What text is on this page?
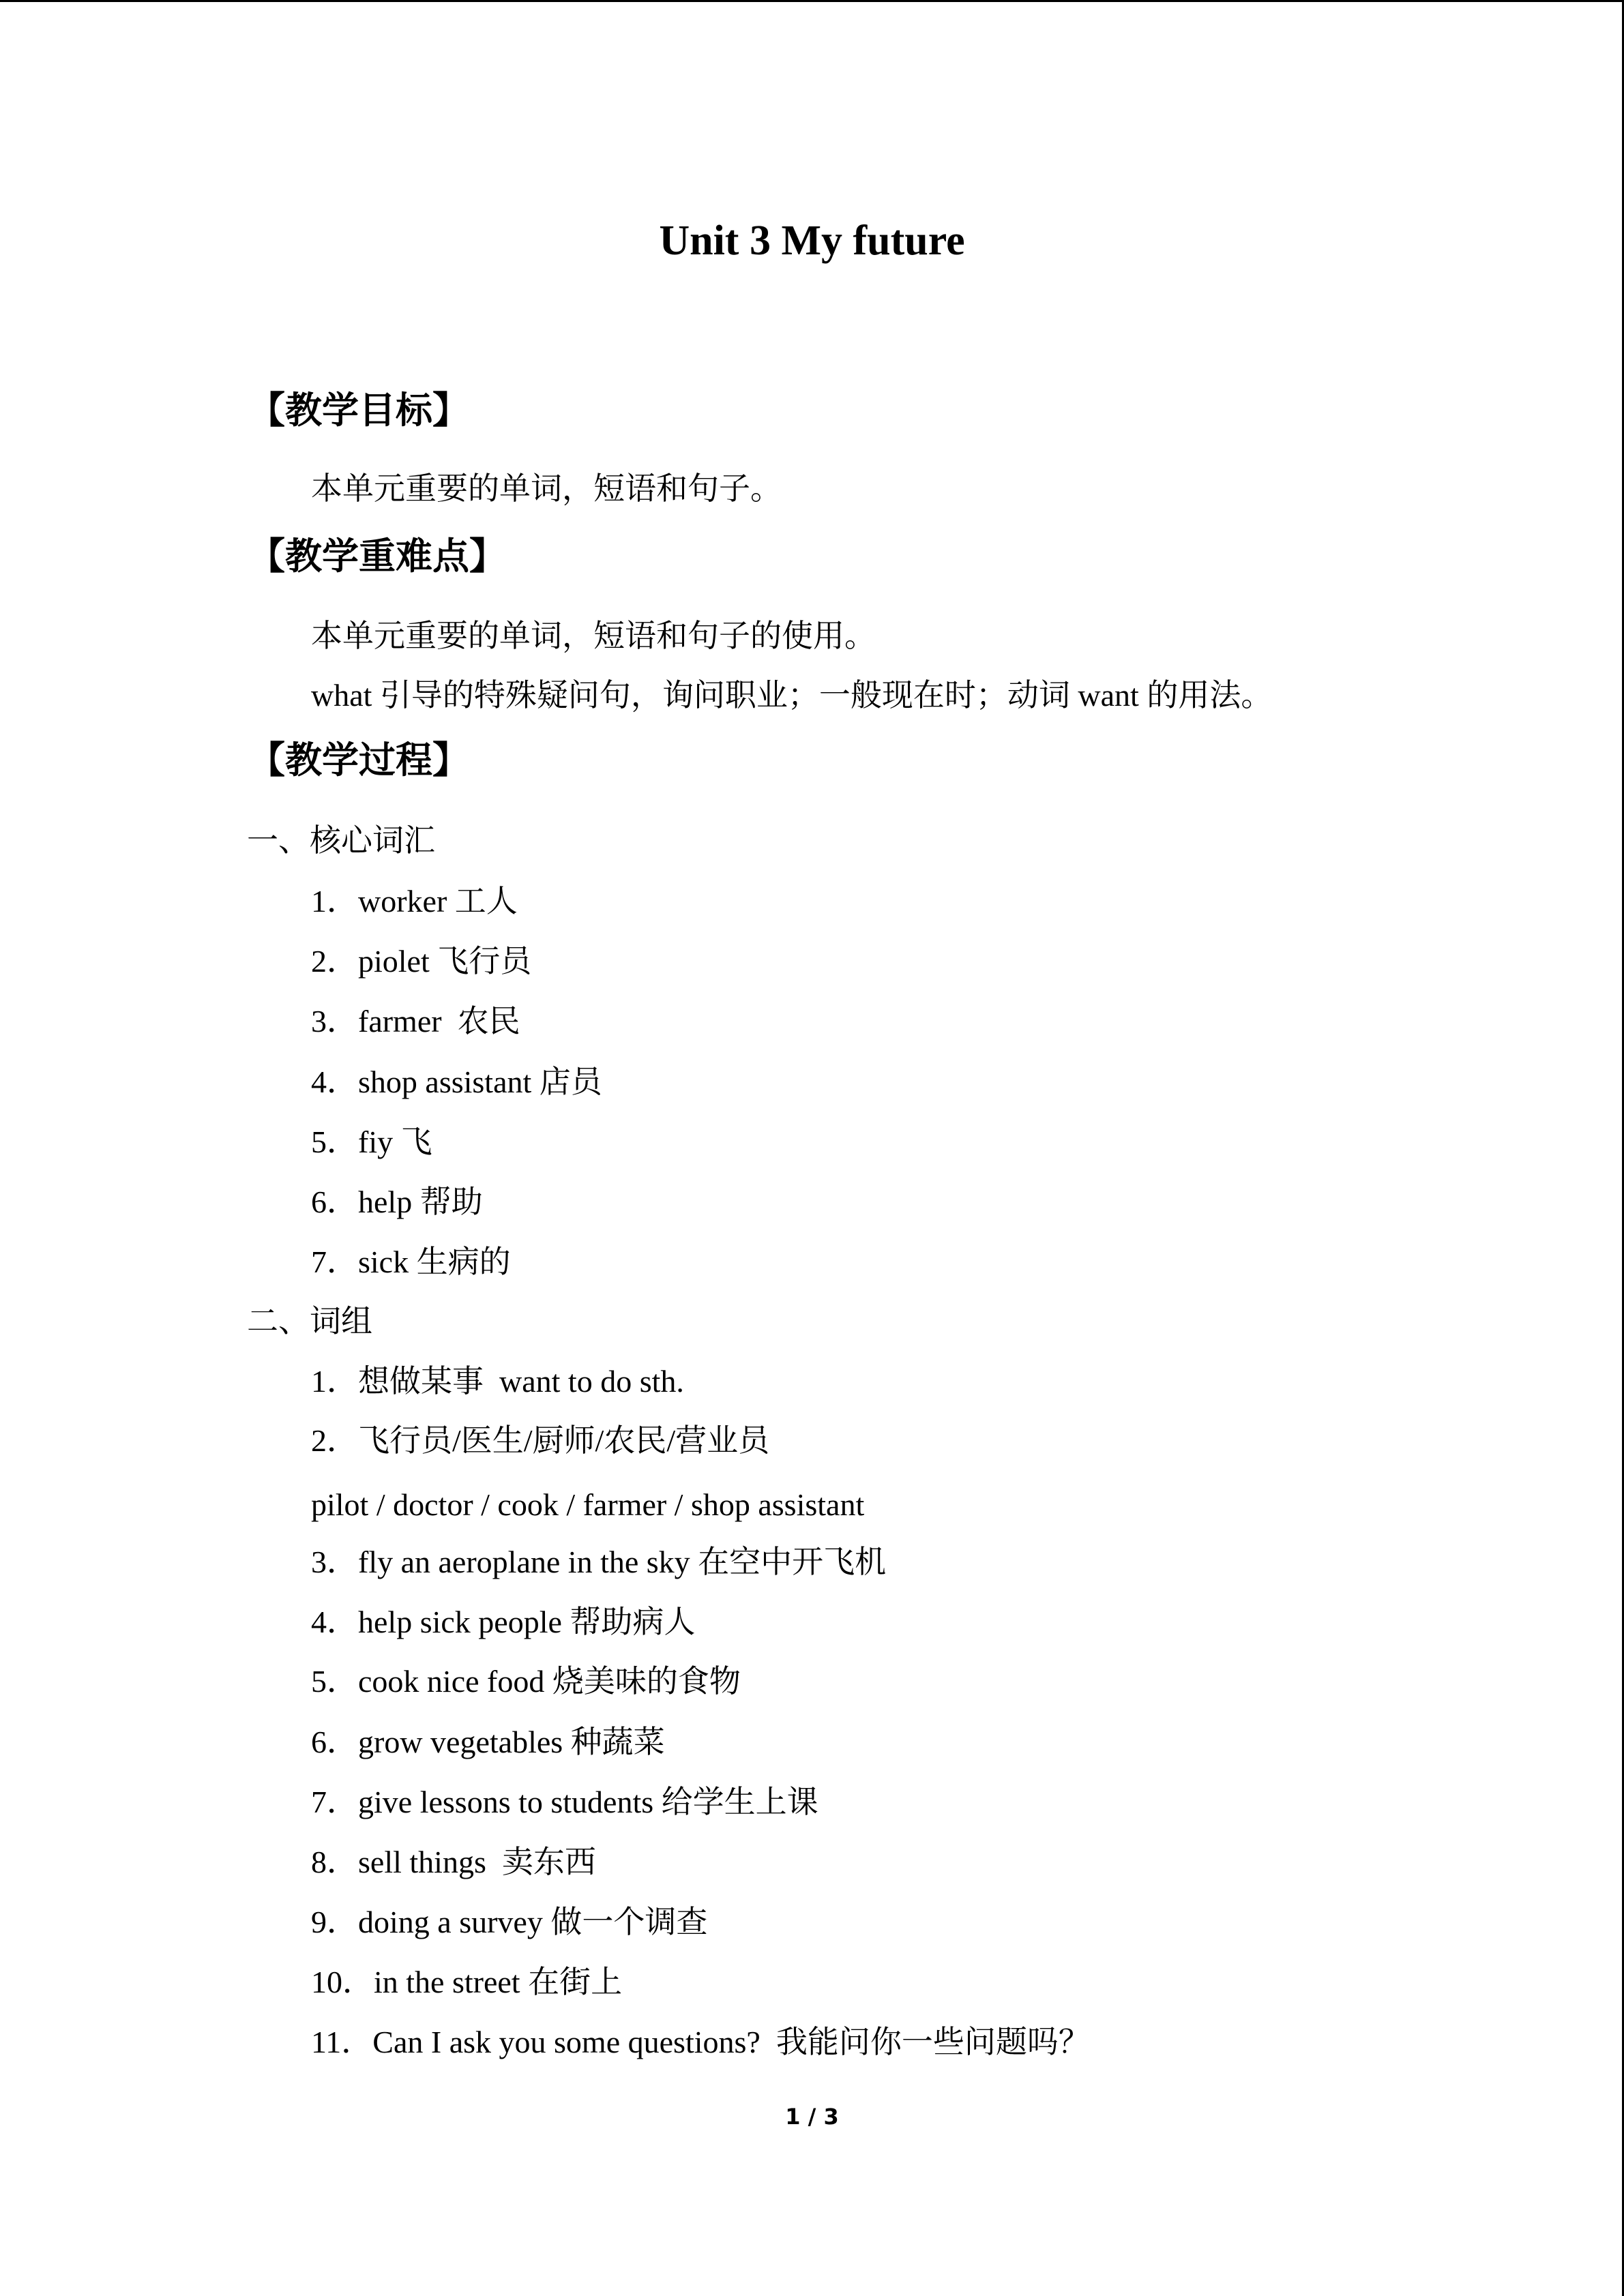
Unit 3 My future
【教学目标】
本单元重要的单词，短语和句子。
【教学重难点】
本单元重要的单词，短语和句子的使用。
what 引导的特殊疑问句，询问职业；一般现在时；动词 want 的用法。
【教学过程】
一、核心词汇
1．worker 工人
2．piolet 飞行员
3．farmer  农民
4．shop assistant 店员
5．fiy 飞
6．help 帮助
7．sick 生病的
二、词组
1．想做某事  want to do sth.
2．飞行员/医生/厨师/农民/营业员
pilot / doctor / cook / farmer / shop assistant
3．fly an aeroplane in the sky 在空中开飞机
4．help sick people 帮助病人
5．cook nice food 烧美味的食物
6．grow vegetables 种蔬菜
7．give lessons to students 给学生上课
8．sell things  卖东西
9．doing a survey 做一个调查
10．in the street 在街上
11．Can I ask you some questions?  我能问你一些问题吗？
1 / 3
